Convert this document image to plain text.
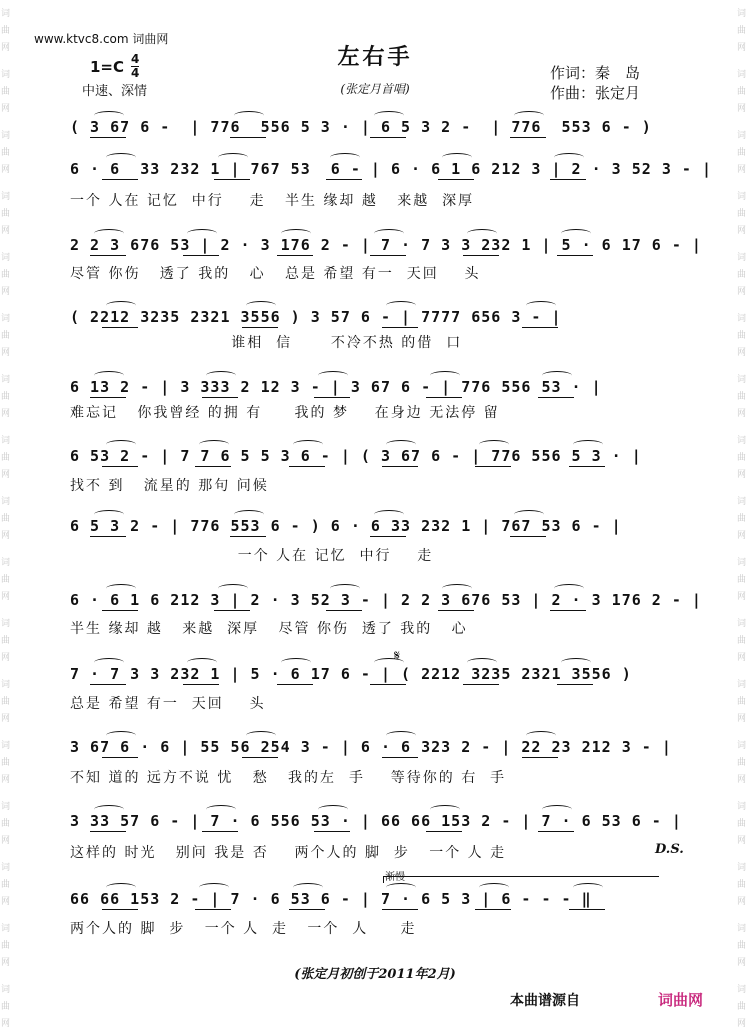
词
曲
网
词
曲
网
词
曲
网
词
曲
网
词
曲
网
词
曲
网
词
曲
网
词
曲
网
词
曲
网
词
曲
网
词
曲
网
词
曲
网
词
曲
网
词
曲
网
词
曲
网
词
曲
网
词
曲
网
词
曲
网
词
曲
网
词
曲
网
词
曲
网
词
曲
网
词
曲
网
词
曲
网
词
曲
网
词
曲
网
词
曲
网
词
曲
网
词
曲
网
词
曲
网
词
曲
网
词
曲
网
词
曲
网
词
曲
网
www.ktvc8.com 词曲网
左右手
(张定月首唱)
1=C 4
4
中速、深情
作词：秦　岛
作曲：张定月
( 3 67 6 -  | 776  556 5 3 · | 6 5 3 2 -  | 776  553 6 - )
6 · 6  33 232 1 | 767 53  6 - | 6 · 6 1 6 212 3 | 2 · 3 52 3 - |
一个 人在 记忆  中行    走   半生 缘却 越   来越  深厚
2 2 3 676 53 | 2 · 3 176 2 - | 7 · 7 3 3 232 1 | 5 · 6 17 6 - |
尽管 你伤   透了 我的   心   总是 希望 有一  天回    头
( 2212 3235 2321 3556 ) 3 57 6 - | 7777 656 3 - |
谁相  信      不冷不热 的借  口
6 13 2 - | 3 333 2 12 3 - | 3 67 6 - | 776 556 53 · |
难忘记   你我曾经 的拥 有     我的 梦    在身边 无法停 留
6 53 2 - | 7 7 6 5 5 3 6 - | ( 3 67 6 - | 776 556 5 3 · |
找不 到   流星的 那句 问候
6 5 3 2 - | 776 553 6 - ) 6 · 6 33 232 1 | 767 53 6 - |
一个 人在 记忆  中行    走
6 · 6 1 6 212 3 | 2 · 3 52 3 - | 2 2 3 676 53 | 2 · 3 176 2 - |
半生 缘却 越   来越  深厚   尽管 你伤  透了 我的   心
7 · 7 3 3 232 1 | 5 · 6 17 6 - | ( 2212 3235 2321 3556 )
总是 希望 有一  天回    头
3 67 6 · 6 | 55 56 254 3 - | 6 · 6 323 2 - | 22 23 212 3 - |
不知 道的 远方不说 忧   愁   我的左  手    等待你的 右  手
3 33 57 6 - | 7 · 6 556 53 · | 66 66 153 2 - | 7 · 6 53 6 - |
这样的 时光   别问 我是 否    两个人的 脚  步   一个 人 走
66 66 153 2 - | 7 · 6 53 6 - | 7 · 6 5 3 | 6 - - - ‖
两个人的 脚  步   一个 人  走   一个  人     走
D.S.
𝄋
渐慢
(张定月初创于2011年2月)
本曲谱源自	词曲网
